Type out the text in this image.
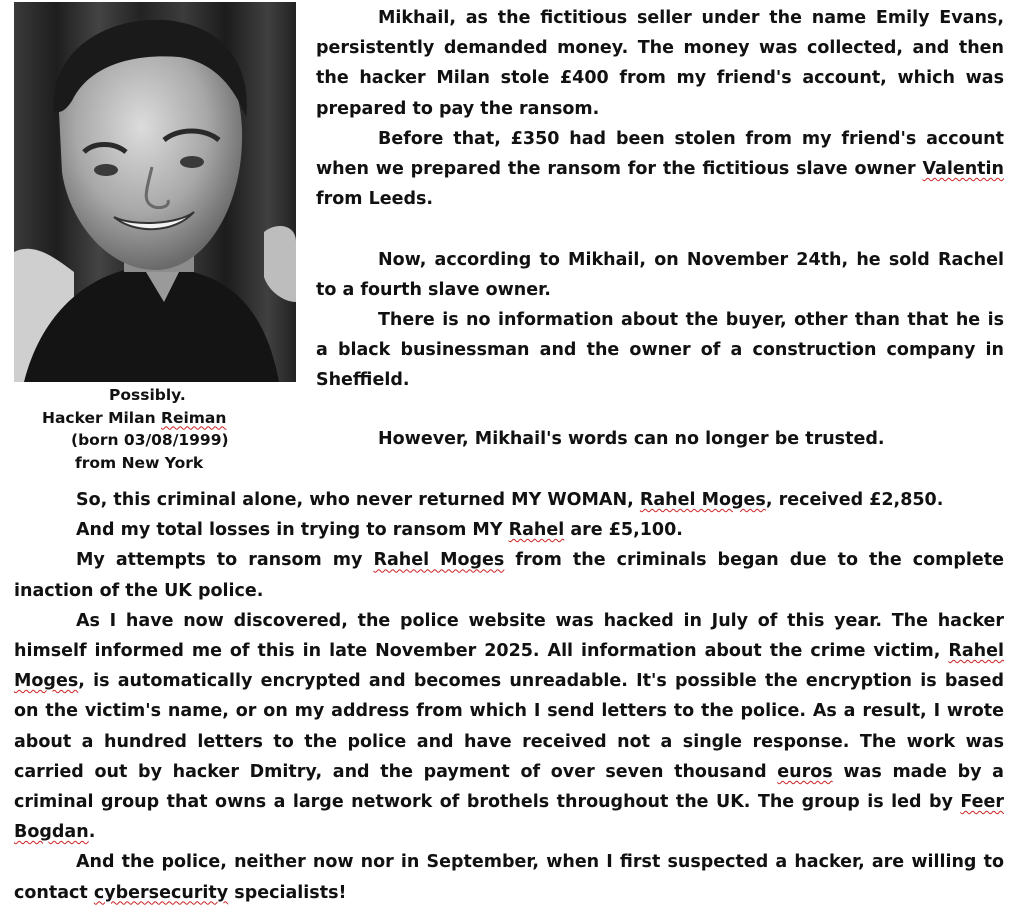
Possibly.
Hacker Milan Reiman
(born 03/08/1999)
from New York

Mikhail, as the fictitious seller under the name Emily Evans, persistently demanded money. The money was collected, and then the hacker Milan stole £400 from my friend's account, which was prepared to pay the ransom.

Before that, £350 had been stolen from my friend's account when we prepared the ransom for the fictitious slave owner Valentin from Leeds.

Now, according to Mikhail, on November 24th, he sold Rachel to a fourth slave owner.

There is no information about the buyer, other than that he is a black businessman and the owner of a construction company in Sheffield.

However, Mikhail's words can no longer be trusted.

So, this criminal alone, who never returned MY WOMAN, Rahel Moges, received £2,850.

And my total losses in trying to ransom MY Rahel are £5,100.

My attempts to ransom my Rahel Moges from the criminals began due to the complete inaction of the UK police.

As I have now discovered, the police website was hacked in July of this year. The hacker himself informed me of this in late November 2025. All information about the crime victim, Rahel Moges, is automatically encrypted and becomes unreadable. It's possible the encryption is based on the victim's name, or on my address from which I send letters to the police. As a result, I wrote about a hundred letters to the police and have received not a single response. The work was carried out by hacker Dmitry, and the payment of over seven thousand euros was made by a criminal group that owns a large network of brothels throughout the UK. The group is led by Feer Bogdan.

And the police, neither now nor in September, when I first suspected a hacker, are willing to contact cybersecurity specialists!
